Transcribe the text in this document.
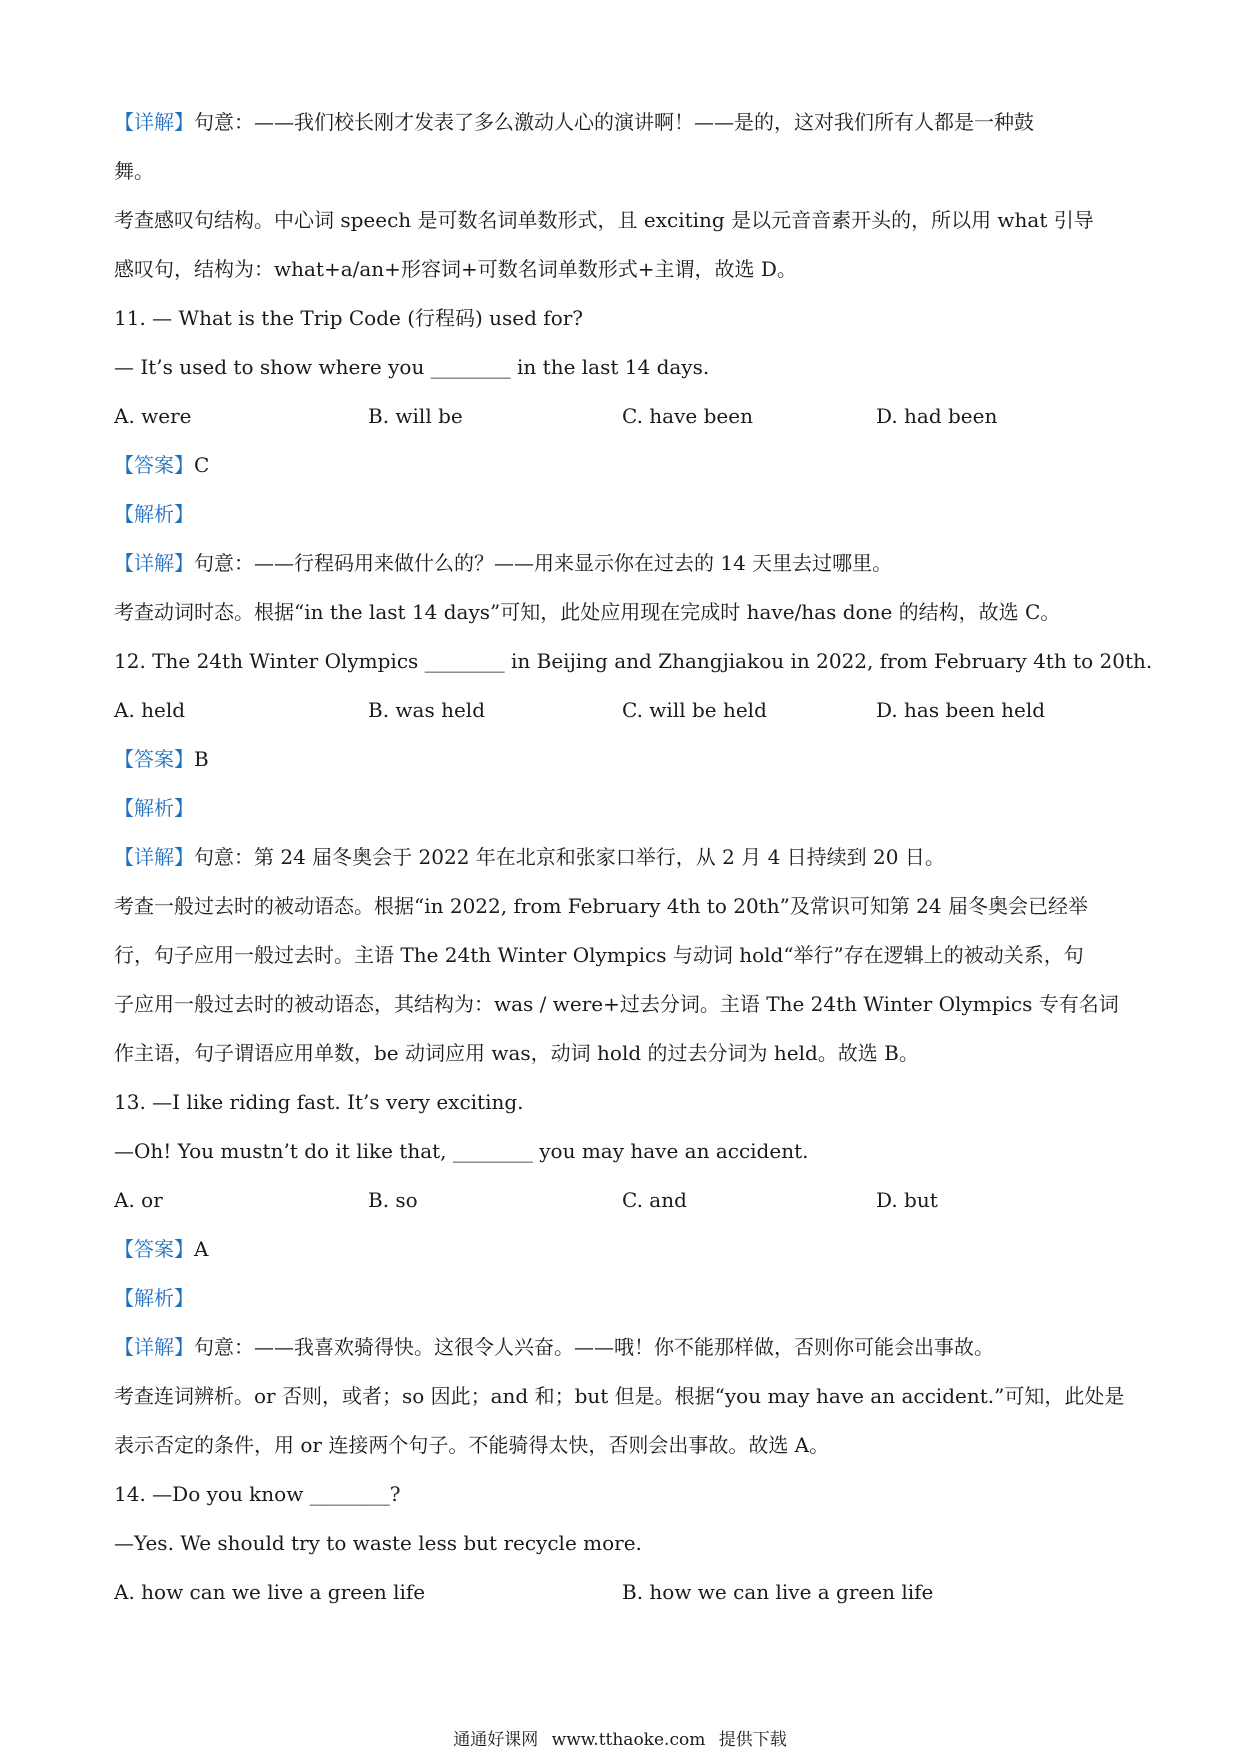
【详解】句意：——我们校长刚才发表了多么激动人心的演讲啊！——是的，这对我们所有人都是一种鼓
舞。
考查感叹句结构。中心词 speech 是可数名词单数形式，且 exciting 是以元音音素开头的，所以用 what 引导
感叹句，结构为：what+a/an+形容词+可数名词单数形式+主谓，故选 D。
11. — What is the Trip Code (行程码) used for?
— It’s used to show where you ________ in the last 14 days.
A. were	B. will be	C. have been	D. had been
【答案】C
【解析】
【详解】句意：——行程码用来做什么的？——用来显示你在过去的 14 天里去过哪里。
考查动词时态。根据“in the last 14 days”可知，此处应用现在完成时 have/has done 的结构，故选 C。
12. The 24th Winter Olympics ________ in Beijing and Zhangjiakou in 2022, from February 4th to 20th.
A. held	B. was held	C. will be held	D. has been held
【答案】B
【解析】
【详解】句意：第 24 届冬奥会于 2022 年在北京和张家口举行，从 2 月 4 日持续到 20 日。
考查一般过去时的被动语态。根据“in 2022, from February 4th to 20th”及常识可知第 24 届冬奥会已经举
行，句子应用一般过去时。主语 The 24th Winter Olympics 与动词 hold“举行”存在逻辑上的被动关系，句
子应用一般过去时的被动语态，其结构为：was / were+过去分词。主语 The 24th Winter Olympics 专有名词
作主语，句子谓语应用单数，be 动词应用 was，动词 hold 的过去分词为 held。故选 B。
13. —I like riding fast. It’s very exciting.
—Oh! You mustn’t do it like that, ________ you may have an accident.
A. or	B. so	C. and	D. but
【答案】A
【解析】
【详解】句意：——我喜欢骑得快。这很令人兴奋。——哦！你不能那样做，否则你可能会出事故。
考查连词辨析。or 否则，或者；so 因此；and 和；but 但是。根据“you may have an accident.”可知，此处是
表示否定的条件，用 or 连接两个句子。不能骑得太快，否则会出事故。故选 A。
14. —Do you know ________?
—Yes. We should try to waste less but recycle more.
A. how can we live a green life	B. how we can live a green life
通通好课网 www.tthaoke.com 提供下载
